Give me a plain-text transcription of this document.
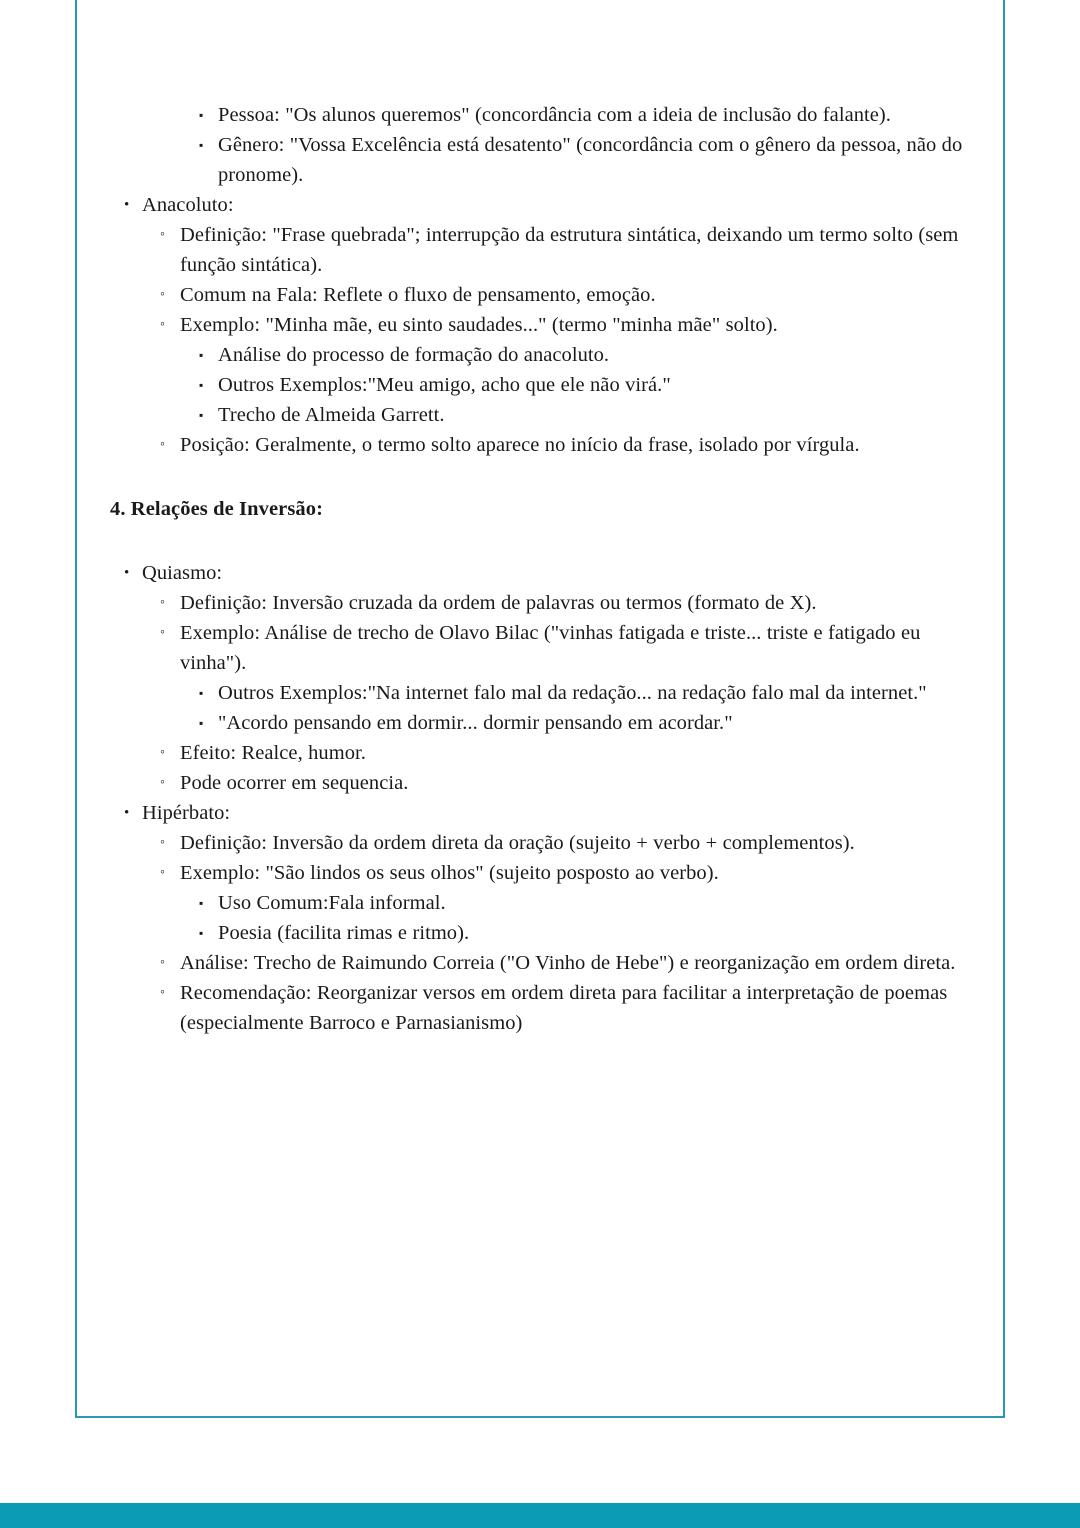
▪ Pessoa: "Os alunos queremos" (concordância com a ideia de inclusão do falante).
▪ Gênero: "Vossa Excelência está desatento" (concordância com o gênero da pessoa, não do pronome).
• Anacoluto:
◦ Definição: "Frase quebrada"; interrupção da estrutura sintática, deixando um termo solto (sem função sintática).
◦ Comum na Fala: Reflete o fluxo de pensamento, emoção.
◦ Exemplo: "Minha mãe, eu sinto saudades..." (termo "minha mãe" solto).
▪ Análise do processo de formação do anacoluto.
▪ Outros Exemplos:"Meu amigo, acho que ele não virá."
▪ Trecho de Almeida Garrett.
◦ Posição: Geralmente, o termo solto aparece no início da frase, isolado por vírgula.
4. Relações de Inversão:
• Quiasmo:
◦ Definição: Inversão cruzada da ordem de palavras ou termos (formato de X).
◦ Exemplo: Análise de trecho de Olavo Bilac ("vinhas fatigada e triste... triste e fatigado eu vinha").
▪ Outros Exemplos:"Na internet falo mal da redação... na redação falo mal da internet."
▪ "Acordo pensando em dormir... dormir pensando em acordar."
◦ Efeito: Realce, humor.
◦ Pode ocorrer em sequencia.
• Hipérbato:
◦ Definição: Inversão da ordem direta da oração (sujeito + verbo + complementos).
◦ Exemplo: "São lindos os seus olhos" (sujeito posposto ao verbo).
▪ Uso Comum:Fala informal.
▪ Poesia (facilita rimas e ritmo).
◦ Análise: Trecho de Raimundo Correia ("O Vinho de Hebe") e reorganização em ordem direta.
◦ Recomendação: Reorganizar versos em ordem direta para facilitar a interpretação de poemas (especialmente Barroco e Parnasianismo)
